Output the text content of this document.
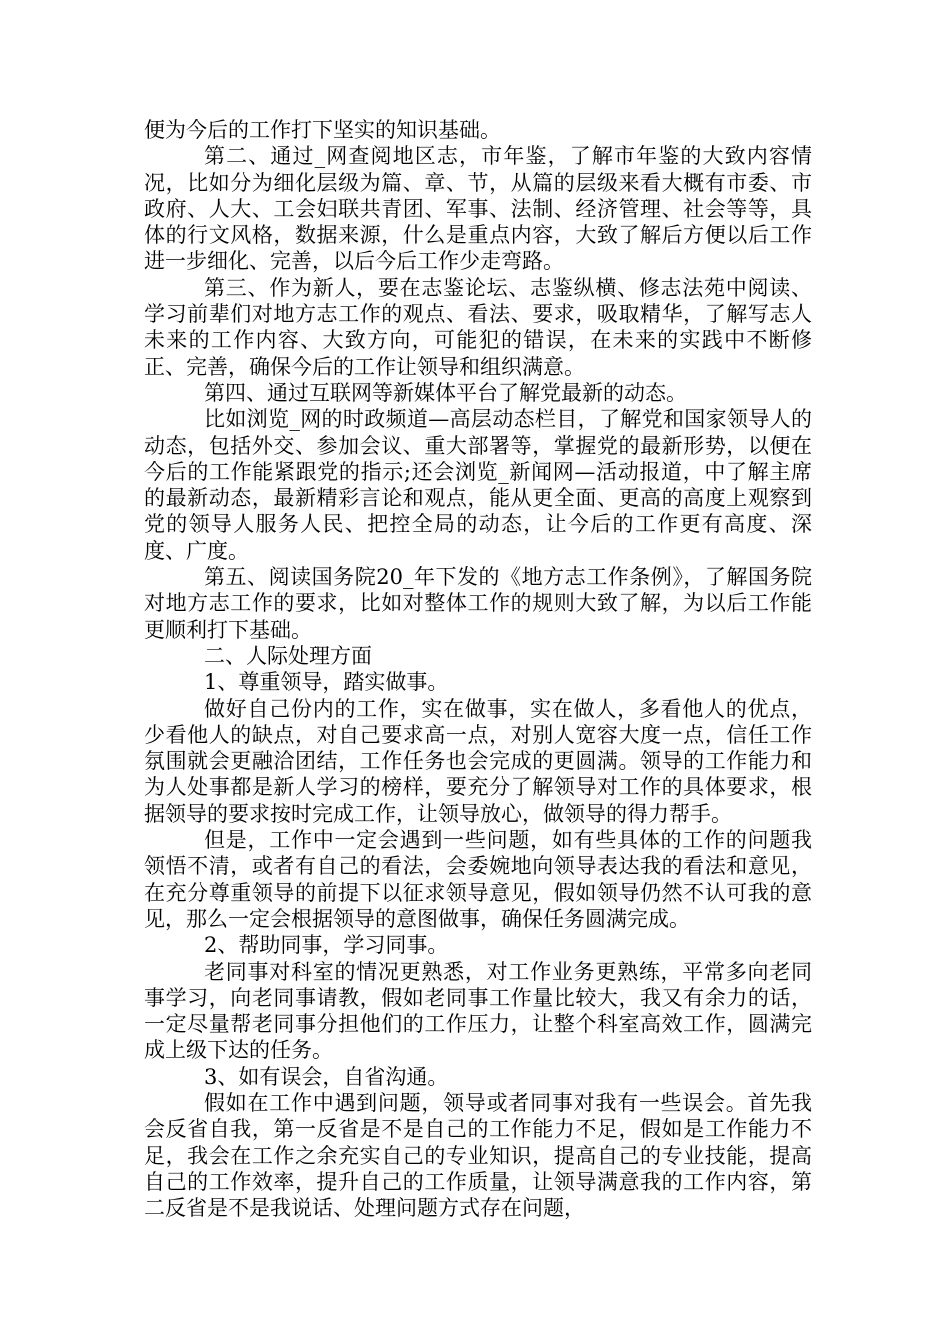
便为今后的工作打下坚实的知识基础。

第二、通过_网查阅地区志，市年鉴，了解市年鉴的大致内容情况，比如分为细化层级为篇、章、节，从篇的层级来看大概有市委、市政府、人大、工会妇联共青团、军事、法制、经济管理、社会等等，具体的行文风格，数据来源，什么是重点内容，大致了解后方便以后工作进一步细化、完善，以后今后工作少走弯路。

第三、作为新人，要在志鉴论坛、志鉴纵横、修志法苑中阅读、学习前辈们对地方志工作的观点、看法、要求，吸取精华，了解写志人未来的工作内容、大致方向，可能犯的错误，在未来的实践中不断修正、完善，确保今后的工作让领导和组织满意。

第四、通过互联网等新媒体平台了解党最新的动态。

比如浏览_网的时政频道—高层动态栏目，了解党和国家领导人的动态，包括外交、参加会议、重大部署等，掌握党的最新形势，以便在今后的工作能紧跟党的指示;还会浏览_新闻网—活动报道，中了解主席的最新动态，最新精彩言论和观点，能从更全面、更高的高度上观察到党的领导人服务人民、把控全局的动态，让今后的工作更有高度、深度、广度。

第五、阅读国务院20_年下发的《地方志工作条例》，了解国务院对地方志工作的要求，比如对整体工作的规则大致了解，为以后工作能更顺利打下基础。

二、人际处理方面

1、尊重领导，踏实做事。

做好自己份内的工作，实在做事，实在做人，多看他人的优点，少看他人的缺点，对自己要求高一点，对别人宽容大度一点，信任工作氛围就会更融洽团结，工作任务也会完成的更圆满。领导的工作能力和为人处事都是新人学习的榜样，要充分了解领导对工作的具体要求，根据领导的要求按时完成工作，让领导放心，做领导的得力帮手。

但是，工作中一定会遇到一些问题，如有些具体的工作的问题我领悟不清，或者有自己的看法，会委婉地向领导表达我的看法和意见，在充分尊重领导的前提下以征求领导意见，假如领导仍然不认可我的意见，那么一定会根据领导的意图做事，确保任务圆满完成。

2、帮助同事，学习同事。

老同事对科室的情况更熟悉，对工作业务更熟练，平常多向老同事学习，向老同事请教，假如老同事工作量比较大，我又有余力的话，一定尽量帮老同事分担他们的工作压力，让整个科室高效工作，圆满完成上级下达的任务。

3、如有误会，自省沟通。

假如在工作中遇到问题，领导或者同事对我有一些误会。首先我会反省自我，第一反省是不是自己的工作能力不足，假如是工作能力不足，我会在工作之余充实自己的专业知识，提高自己的专业技能，提高自己的工作效率，提升自己的工作质量，让领导满意我的工作内容，第二反省是不是我说话、处理问题方式存在问题，
